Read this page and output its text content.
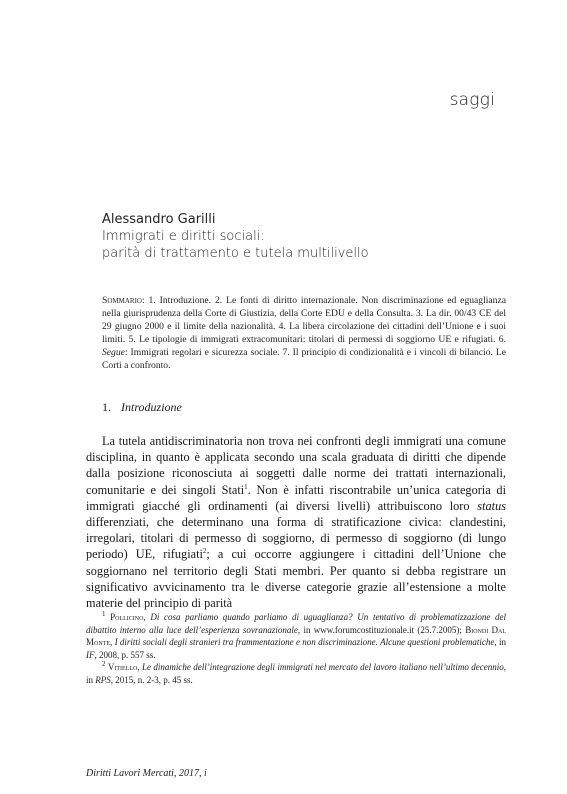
saggi
Alessandro Garilli
Immigrati e diritti sociali:
parità di trattamento e tutela multilivello
Sommario: 1. Introduzione. 2. Le fonti di diritto internazionale. Non discriminazione ed eguaglianza nella giurisprudenza della Corte di Giustizia, della Corte EDU e della Consulta. 3. La dir. 00/43 CE del 29 giugno 2000 e il limite della nazionalità. 4. La libera circolazione dei cittadini dell’Unione e i suoi limiti. 5. Le tipologie di immigrati extracomunitari: titolari di permessi di soggiorno UE e rifugiati. 6. Segue: Immigrati regolari e sicurezza sociale. 7. Il principio di condizionalità e i vincoli di bilancio. Le Corti a confronto.
1. Introduzione
La tutela antidiscriminatoria non trova nei confronti degli immigrati una comune disciplina, in quanto è applicata secondo una scala graduata di diritti che dipende dalla posizione riconosciuta ai soggetti dalle norme dei trattati internazionali, comunitarie e dei singoli Stati$^1$. Non è infatti riscontrabile un’unica categoria di immigrati giacché gli ordinamenti (ai diversi livelli) attribuiscono loro status differenziati, che determinano una forma di stratificazione civica: clandestini, irregolari, titolari di permesso di soggiorno, di permesso di soggiorno (di lungo periodo) UE, rifugiati$^2$; a cui occorre aggiungere i cittadini dell’Unione che soggiornano nel territorio degli Stati membri. Per quanto si debba registrare un significativo avvicinamento tra le diverse categorie grazie all’estensione a molte materie del principio di parità

$^1$ Pollicino, Di cosa parliamo quando parliamo di uguaglianza? Un tentativo di problematizzazione del dibattito interno alla luce dell’esperienza sovranazionale, in www.forumcostituzionale.it (25.7.2005); Biondi Dal Monte, I diritti sociali degli stranieri tra frammentazione e non discriminazione. Alcune questioni problematiche, in IF, 2008, p. 557 ss.

$^2$ Vitiello, Le dinamiche dell’integrazione degli immigrati nel mercato del lavoro italiano nell’ultimo decennio, in RPS, 2015, n. 2-3, p. 45 ss.

Diritti Lavori Mercati, 2017, i
